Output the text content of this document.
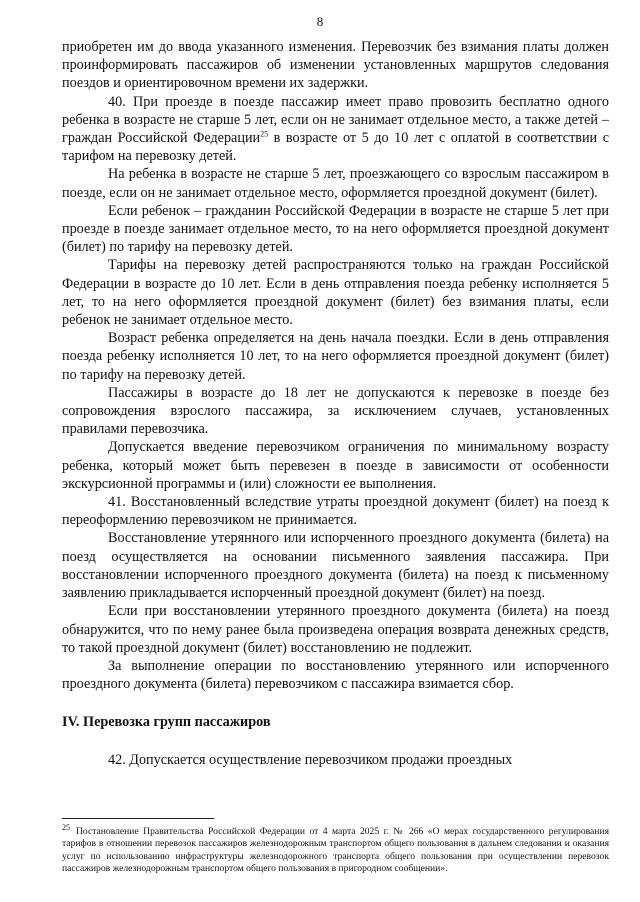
8

приобретен им до ввода указанного изменения. Перевозчик без взимания платы должен проинформировать пассажиров об изменении установленных маршрутов следования поездов и ориентировочном времени их задержки.

40. При проезде в поезде пассажир имеет право провозить бесплатно одного ребенка в возрасте не старше 5 лет, если он не занимает отдельное место, а также детей – граждан Российской Федерации$^{25}$ в возрасте от 5 до 10 лет с оплатой в соответствии с тарифом на перевозку детей.

На ребенка в возрасте не старше 5 лет, проезжающего со взрослым пассажиром в поезде, если он не занимает отдельное место, оформляется проездной документ (билет).

Если ребенок – гражданин Российской Федерации в возрасте не старше 5 лет при проезде в поезде занимает отдельное место, то на него оформляется проездной документ (билет) по тарифу на перевозку детей.

Тарифы на перевозку детей распространяются только на граждан Российской Федерации в возрасте до 10 лет. Если в день отправления поезда ребенку исполняется 5 лет, то на него оформляется проездной документ (билет) без взимания платы, если ребенок не занимает отдельное место.

Возраст ребенка определяется на день начала поездки. Если в день отправления поезда ребенку исполняется 10 лет, то на него оформляется проездной документ (билет) по тарифу на перевозку детей.

Пассажиры в возрасте до 18 лет не допускаются к перевозке в поезде без сопровождения взрослого пассажира, за исключением случаев, установленных правилами перевозчика.

Допускается введение перевозчиком ограничения по минимальному возрасту ребенка, который может быть перевезен в поезде в зависимости от особенности экскурсионной программы и (или) сложности ее выполнения.

41. Восстановленный вследствие утраты проездной документ (билет) на поезд к переоформлению перевозчиком не принимается.

Восстановление утерянного или испорченного проездного документа (билета) на поезд осуществляется на основании письменного заявления пассажира. При восстановлении испорченного проездного документа (билета) на поезд к письменному заявлению прикладывается испорченный проездной документ (билет) на поезд.

Если при восстановлении утерянного проездного документа (билета) на поезд обнаружится, что по нему ранее была произведена операция возврата денежных средств, то такой проездной документ (билет) восстановлению не подлежит.

За выполнение операции по восстановлению утерянного или испорченного проездного документа (билета) перевозчиком с пассажира взимается сбор.

IV. Перевозка групп пассажиров

42. Допускается осуществление перевозчиком продажи проездных

$^{25}$ Постановление Правительства Российской Федерации от 4 марта 2025 г. № 266 «О мерах государственного регулирования тарифов в отношении перевозок пассажиров железнодорожным транспортом общего пользования в дальнем следовании и оказания услуг по использованию инфраструктуры железнодорожного транспорта общего пользования при осуществлении перевозок пассажиров железнодорожным транспортом общего пользования в пригородном сообщении».
